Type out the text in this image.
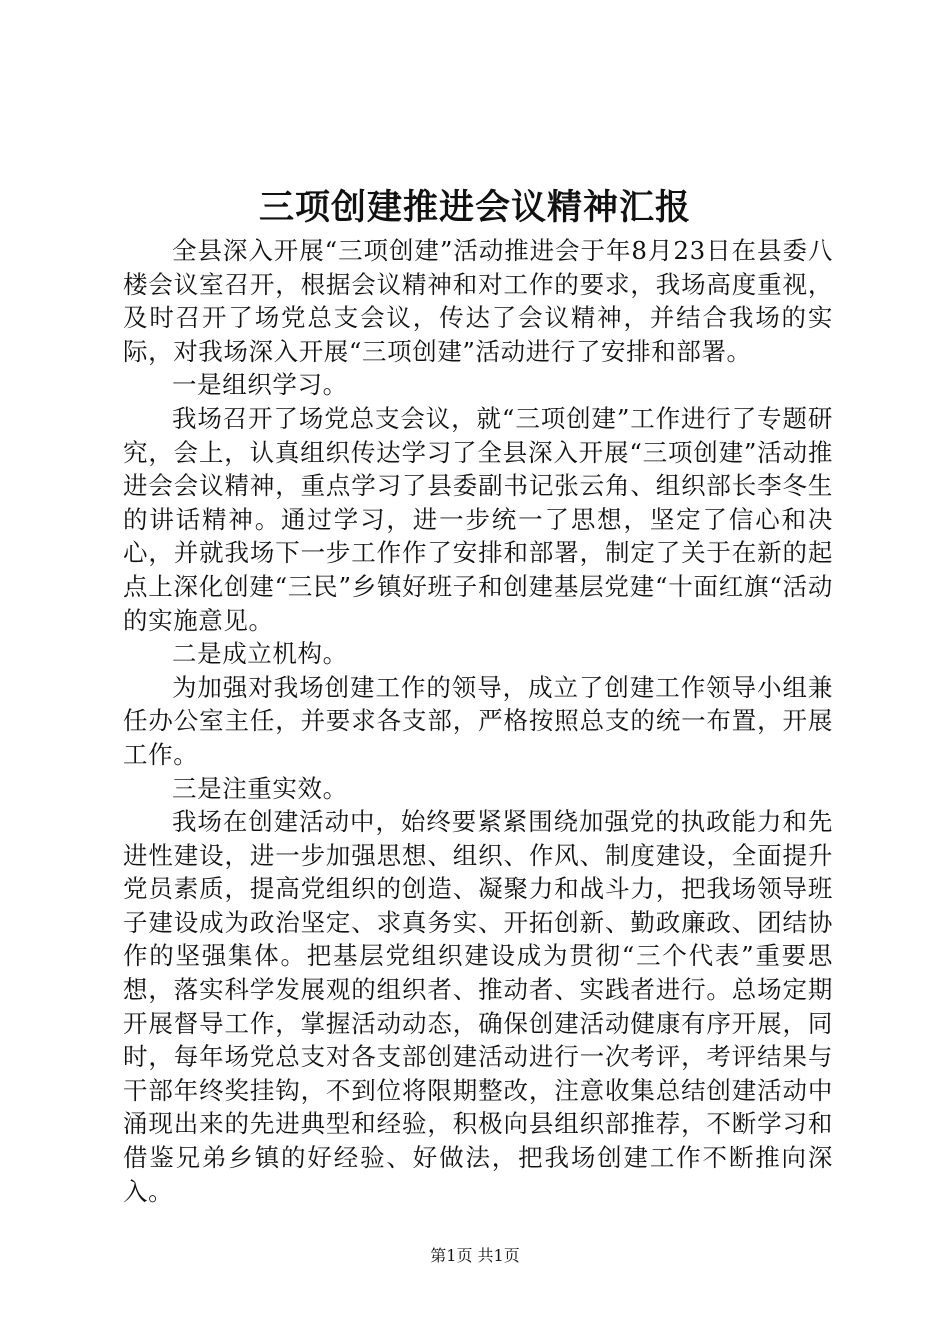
三项创建推进会议精神汇报

全县深入开展“三项创建”活动推进会于年8月23日在县委八楼会议室召开，根据会议精神和对工作的要求，我场高度重视，及时召开了场党总支会议，传达了会议精神，并结合我场的实际，对我场深入开展“三项创建”活动进行了安排和部署。

一是组织学习。

我场召开了场党总支会议，就“三项创建”工作进行了专题研究，会上，认真组织传达学习了全县深入开展“三项创建”活动推进会会议精神，重点学习了县委副书记张云角、组织部长李冬生的讲话精神。通过学习，进一步统一了思想，坚定了信心和决心，并就我场下一步工作作了安排和部署，制定了关于在新的起点上深化创建“三民”乡镇好班子和创建基层党建“十面红旗“活动的实施意见。

二是成立机构。

为加强对我场创建工作的领导，成立了创建工作领导小组兼任办公室主任，并要求各支部，严格按照总支的统一布置，开展工作。

三是注重实效。

我场在创建活动中，始终要紧紧围绕加强党的执政能力和先进性建设，进一步加强思想、组织、作风、制度建设，全面提升党员素质，提高党组织的创造、凝聚力和战斗力，把我场领导班子建设成为政治坚定、求真务实、开拓创新、勤政廉政、团结协作的坚强集体。把基层党组织建设成为贯彻“三个代表”重要思想，落实科学发展观的组织者、推动者、实践者进行。总场定期开展督导工作，掌握活动动态，确保创建活动健康有序开展，同时，每年场党总支对各支部创建活动进行一次考评，考评结果与干部年终奖挂钩，不到位将限期整改，注意收集总结创建活动中涌现出来的先进典型和经验，积极向县组织部推荐，不断学习和借鉴兄弟乡镇的好经验、好做法，把我场创建工作不断推向深入。

第1页 共1页
